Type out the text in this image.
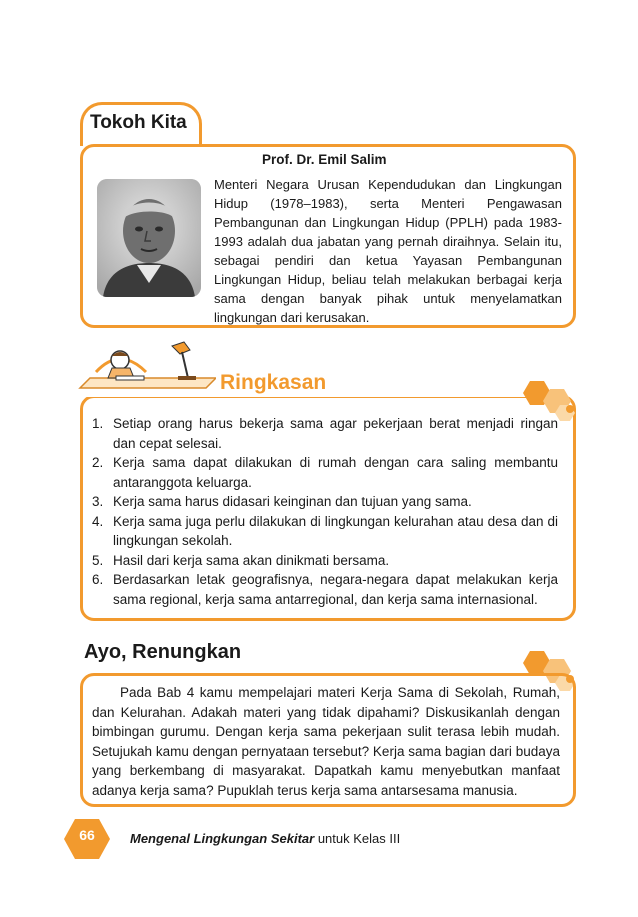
Tokoh Kita
Prof. Dr. Emil Salim
Menteri Negara Urusan Kependudukan dan Lingkungan Hidup (1978–1983), serta Menteri Pengawasan Pembangunan dan Lingkungan Hidup (PPLH) pada 1983-1993 adalah dua jabatan yang pernah diraihnya. Selain itu, sebagai pendiri dan ketua Yayasan Pembangunan Lingkungan Hidup, beliau telah melakukan berbagai kerja sama dengan banyak pihak untuk menyelamatkan lingkungan dari kerusakan.
Ringkasan
1. Setiap orang harus bekerja sama agar pekerjaan berat menjadi ringan dan cepat selesai.
2. Kerja sama dapat dilakukan di rumah dengan cara saling membantu antaranggota keluarga.
3. Kerja sama harus didasari keinginan dan tujuan yang sama.
4. Kerja sama juga perlu dilakukan di lingkungan kelurahan atau desa dan di lingkungan sekolah.
5. Hasil dari kerja sama akan dinikmati bersama.
6. Berdasarkan letak geografisnya, negara-negara dapat melakukan kerja sama regional, kerja sama antarregional, dan kerja sama internasional.
Ayo, Renungkan
Pada Bab 4 kamu mempelajari materi Kerja Sama di Sekolah, Rumah, dan Kelurahan. Adakah materi yang tidak dipahami? Diskusikanlah dengan bimbingan gurumu. Dengan kerja sama pekerjaan sulit terasa lebih mudah. Setujukah kamu dengan pernyataan tersebut? Kerja sama bagian dari budaya yang berkembang di masyarakat. Dapatkah kamu menyebutkan manfaat adanya kerja sama? Pupuklah terus kerja sama antarsesama manusia.
66	Mengenal Lingkungan Sekitar untuk Kelas III
